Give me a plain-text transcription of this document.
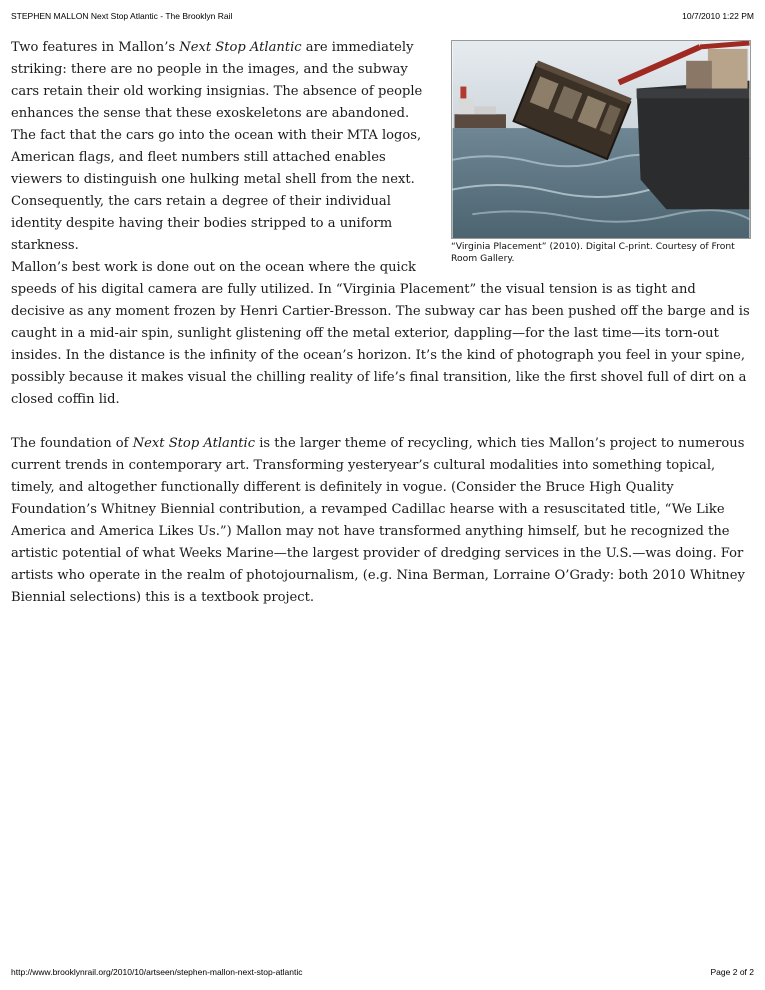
STEPHEN MALLON Next Stop Atlantic - The Brooklyn Rail	10/7/2010 1:22 PM
“Virginia Placement” (2010). Digital C-print. Courtesy of Front Room Gallery.

Two features in Mallon’s Next Stop Atlantic are immediately striking: there are no people in the images, and the subway cars retain their old working insignias. The absence of people enhances the sense that these exoskeletons are abandoned. The fact that the cars go into the ocean with their MTA logos, American flags, and fleet numbers still attached enables viewers to distinguish one hulking metal shell from the next. Consequently, the cars retain a degree of their individual identity despite having their bodies stripped to a uniform starkness.

Mallon’s best work is done out on the ocean where the quick speeds of his digital camera are fully utilized. In “Virginia Placement” the visual tension is as tight and decisive as any moment frozen by Henri Cartier-Bresson. The subway car has been pushed off the barge and is caught in a mid-air spin, sunlight glistening off the metal exterior, dappling—for the last time—its torn-out insides. In the distance is the infinity of the ocean’s horizon. It’s the kind of photograph you feel in your spine, possibly because it makes visual the chilling reality of life’s final transition, like the first shovel full of dirt on a closed coffin lid.

The foundation of Next Stop Atlantic is the larger theme of recycling, which ties Mallon’s project to numerous current trends in contemporary art. Transforming yesteryear’s cultural modalities into something topical, timely, and altogether functionally different is definitely in vogue. (Consider the Bruce High Quality Foundation’s Whitney Biennial contribution, a revamped Cadillac hearse with a resuscitated title, “We Like America and America Likes Us.”) Mallon may not have transformed anything himself, but he recognized the artistic potential of what Weeks Marine—the largest provider of dredging services in the U.S.—was doing. For artists who operate in the realm of photojournalism, (e.g. Nina Berman, Lorraine O’Grady: both 2010 Whitney Biennial selections) this is a textbook project.

http://www.brooklynrail.org/2010/10/artseen/stephen-mallon-next-stop-atlantic	Page 2 of 2
